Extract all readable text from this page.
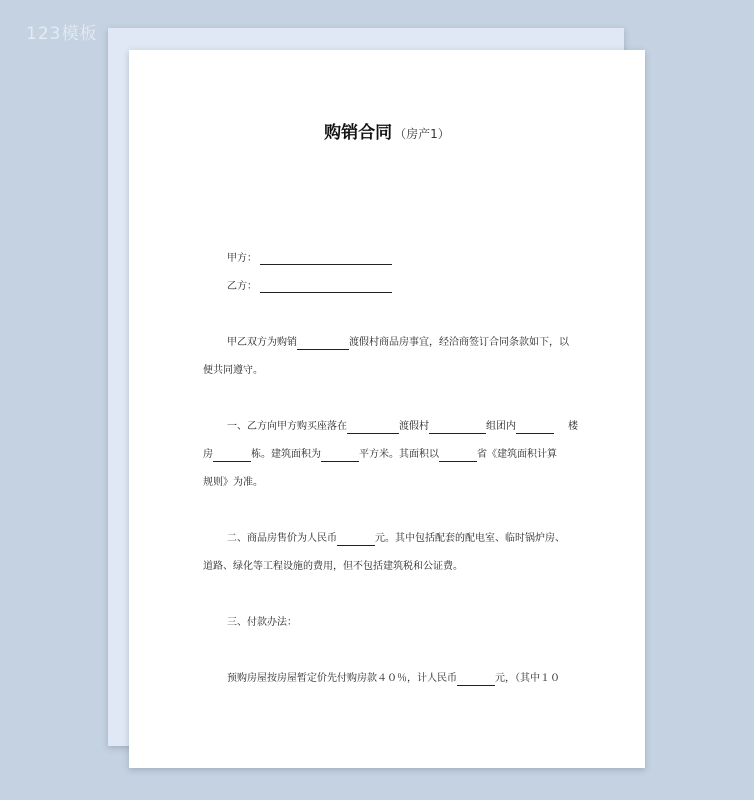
123模板
购销合同 （房产1）
甲方：
乙方：
甲乙双方为购销	渡假村商品房事宜，经洽商签订合同条款如下，以
便共同遵守。
一、乙方向甲方购买座落在	渡假村	组团内	楼
房	栋。建筑面积为	平方米。其面积以	省《建筑面积计算
规则》为准。
二、商品房售价为人民币	元。其中包括配套的配电室、临时锅炉房、
道路、绿化等工程设施的费用，但不包括建筑税和公证费。
三、付款办法：
预购房屋按房屋暂定价先付购房款４０％，计人民币	元，（其中１０
